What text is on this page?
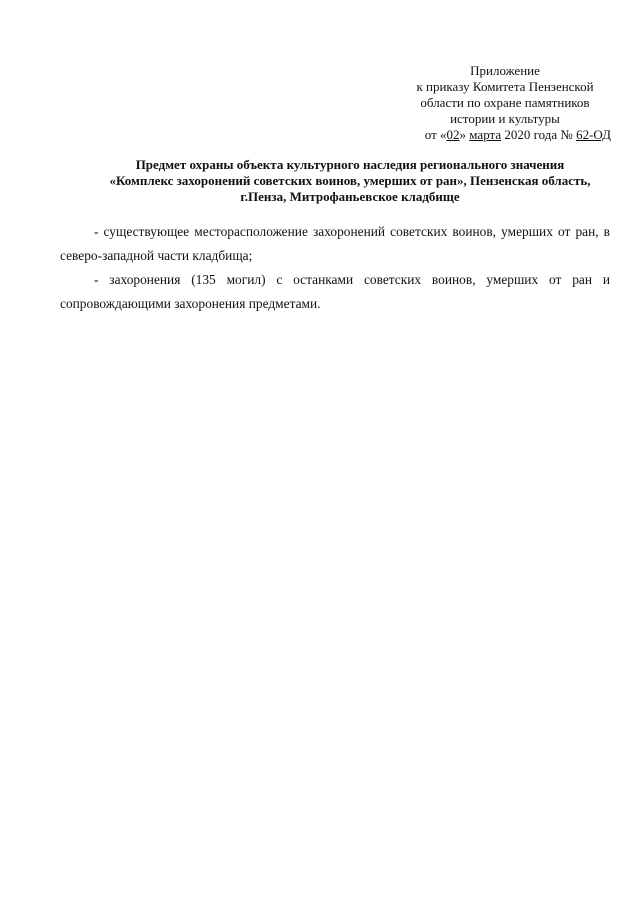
Приложение
к приказу Комитета Пензенской
области по охране памятников
истории и культуры
от «02» марта 2020 года № 62-ОД
Предмет охраны объекта культурного наследия регионального значения
«Комплекс захоронений советских воинов, умерших от ран», Пензенская область,
г.Пенза, Митрофаньевское кладбище

- существующее месторасположение захоронений советских воинов, умерших от ран, в северо-западной части кладбища;

- захоронения (135 могил) с останками советских воинов, умерших от ран и сопровождающими захоронения предметами.
